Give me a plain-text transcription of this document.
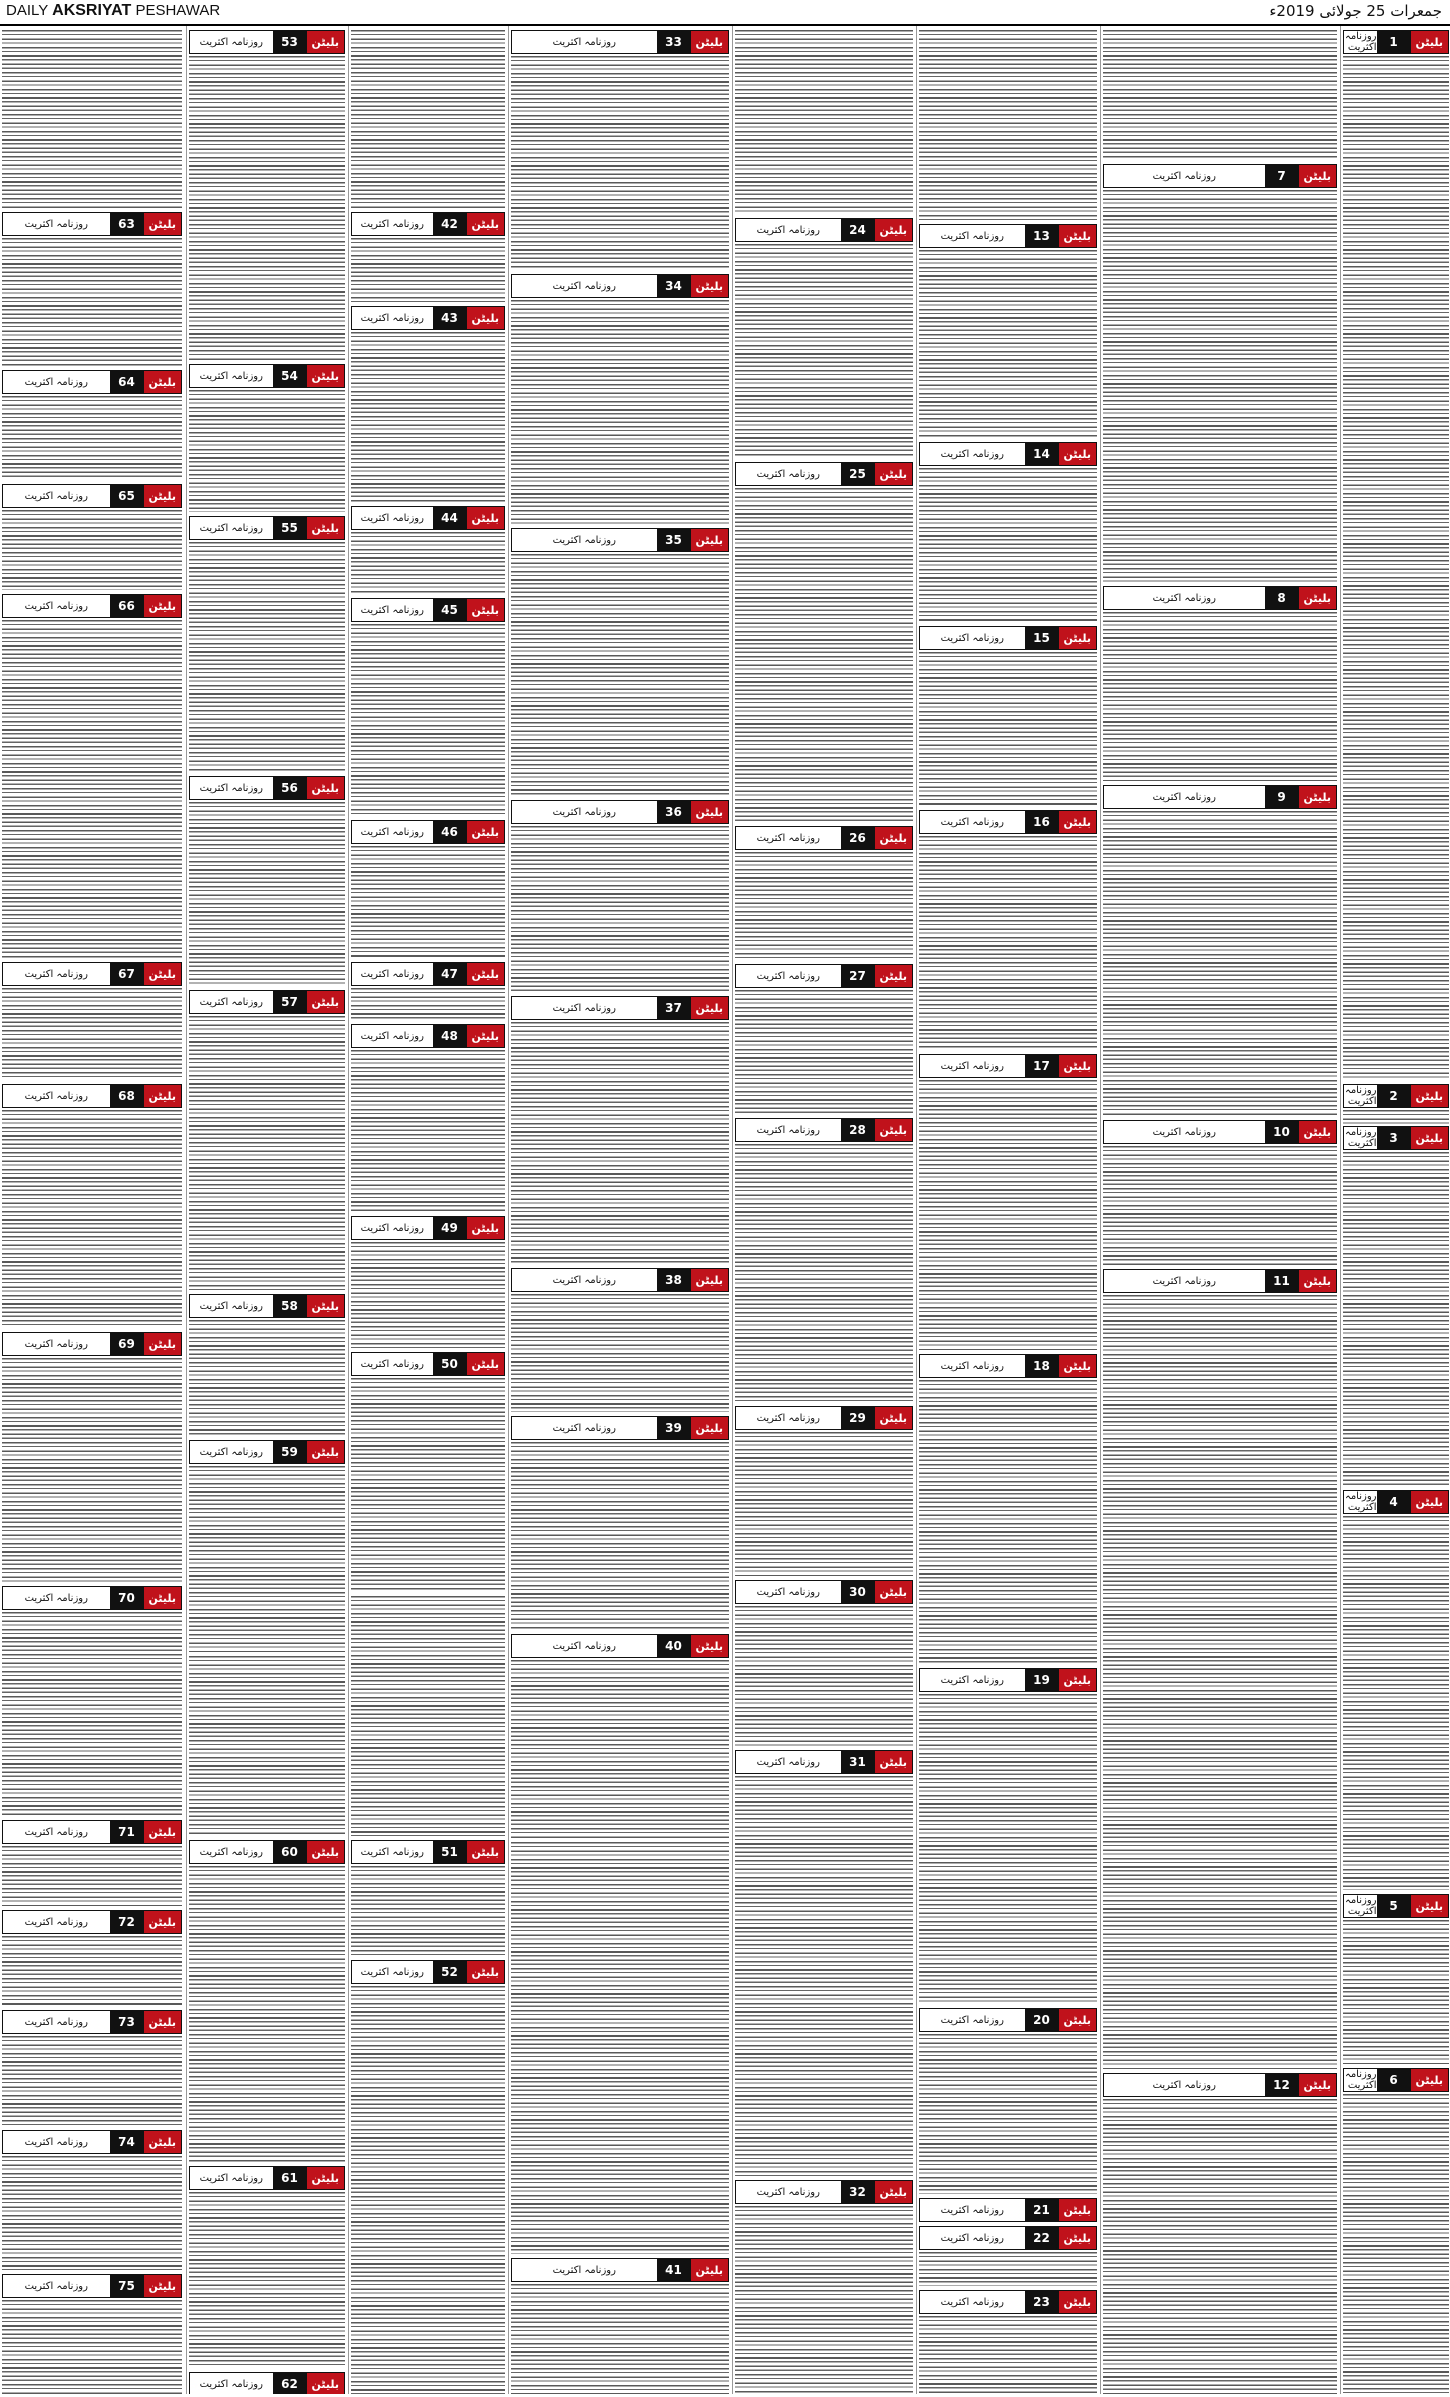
DAILY AKSRIYAT PESHAWAR	جمعرات 25 جولائی 2019ء
بلیٹن
1
روزنامہ اکثریت
بلیٹن
2
روزنامہ اکثریت
بلیٹن
3
روزنامہ اکثریت
بلیٹن
4
روزنامہ اکثریت
بلیٹن
5
روزنامہ اکثریت
بلیٹن
6
روزنامہ اکثریت
بلیٹن
7
روزنامہ اکثریت
بلیٹن
8
روزنامہ اکثریت
بلیٹن
9
روزنامہ اکثریت
بلیٹن
10
روزنامہ اکثریت
بلیٹن
11
روزنامہ اکثریت
بلیٹن
12
روزنامہ اکثریت
بلیٹن
13
روزنامہ اکثریت
بلیٹن
14
روزنامہ اکثریت
بلیٹن
15
روزنامہ اکثریت
بلیٹن
16
روزنامہ اکثریت
بلیٹن
17
روزنامہ اکثریت
بلیٹن
18
روزنامہ اکثریت
بلیٹن
19
روزنامہ اکثریت
بلیٹن
20
روزنامہ اکثریت
بلیٹن
21
روزنامہ اکثریت
بلیٹن
22
روزنامہ اکثریت
بلیٹن
23
روزنامہ اکثریت
بلیٹن
24
روزنامہ اکثریت
بلیٹن
25
روزنامہ اکثریت
بلیٹن
26
روزنامہ اکثریت
بلیٹن
27
روزنامہ اکثریت
بلیٹن
28
روزنامہ اکثریت
بلیٹن
29
روزنامہ اکثریت
بلیٹن
30
روزنامہ اکثریت
بلیٹن
31
روزنامہ اکثریت
بلیٹن
32
روزنامہ اکثریت
بلیٹن
33
روزنامہ اکثریت
بلیٹن
34
روزنامہ اکثریت
بلیٹن
35
روزنامہ اکثریت
بلیٹن
36
روزنامہ اکثریت
بلیٹن
37
روزنامہ اکثریت
بلیٹن
38
روزنامہ اکثریت
بلیٹن
39
روزنامہ اکثریت
بلیٹن
40
روزنامہ اکثریت
بلیٹن
41
روزنامہ اکثریت
بلیٹن
42
روزنامہ اکثریت
بلیٹن
43
روزنامہ اکثریت
بلیٹن
44
روزنامہ اکثریت
بلیٹن
45
روزنامہ اکثریت
بلیٹن
46
روزنامہ اکثریت
بلیٹن
47
روزنامہ اکثریت
بلیٹن
48
روزنامہ اکثریت
بلیٹن
49
روزنامہ اکثریت
بلیٹن
50
روزنامہ اکثریت
بلیٹن
51
روزنامہ اکثریت
بلیٹن
52
روزنامہ اکثریت
بلیٹن
53
روزنامہ اکثریت
بلیٹن
54
روزنامہ اکثریت
بلیٹن
55
روزنامہ اکثریت
بلیٹن
56
روزنامہ اکثریت
بلیٹن
57
روزنامہ اکثریت
بلیٹن
58
روزنامہ اکثریت
بلیٹن
59
روزنامہ اکثریت
بلیٹن
60
روزنامہ اکثریت
بلیٹن
61
روزنامہ اکثریت
بلیٹن
62
روزنامہ اکثریت
بلیٹن
63
روزنامہ اکثریت
بلیٹن
64
روزنامہ اکثریت
بلیٹن
65
روزنامہ اکثریت
بلیٹن
66
روزنامہ اکثریت
بلیٹن
67
روزنامہ اکثریت
بلیٹن
68
روزنامہ اکثریت
بلیٹن
69
روزنامہ اکثریت
بلیٹن
70
روزنامہ اکثریت
بلیٹن
71
روزنامہ اکثریت
بلیٹن
72
روزنامہ اکثریت
بلیٹن
73
روزنامہ اکثریت
بلیٹن
74
روزنامہ اکثریت
بلیٹن
75
روزنامہ اکثریت
